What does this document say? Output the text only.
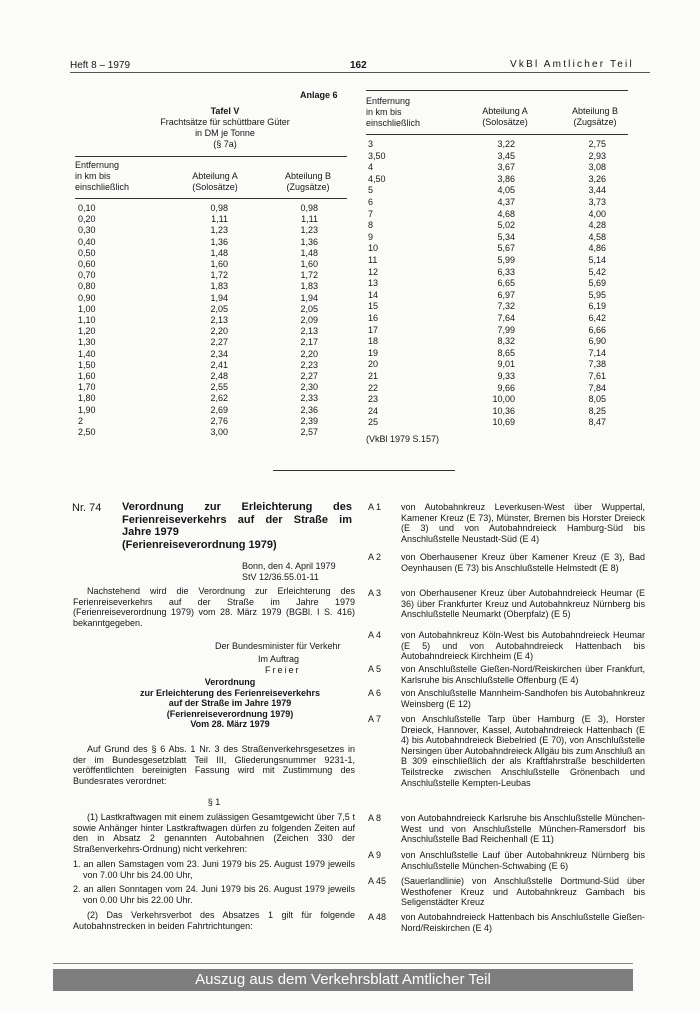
Heft 8 – 1979	162	VkBl Amtlicher Teil
Anlage 6
Tafel V
Frachtsätze für schüttbare Güter
in DM je Tonne
(§ 7a)
Entfernung
in km bis
einschließlich
Abteilung A
(Solosätze)
Abteilung B
(Zugsätze)
0,10	0,98	0,98
0,20	1,11	1,11
0,30	1,23	1,23
0,40	1,36	1,36
0,50	1,48	1,48
0,60	1,60	1,60
0,70	1,72	1,72
0,80	1,83	1,83
0,90	1,94	1,94
1,00	2,05	2,05
1,10	2,13	2,09
1,20	2,20	2,13
1,30	2,27	2,17
1,40	2,34	2,20
1,50	2,41	2,23
1,60	2,48	2,27
1,70	2,55	2,30
1,80	2,62	2,33
1,90	2,69	2,36
2	2,76	2,39
2,50	3,00	2,57
Entfernung
in km bis
einschließlich
Abteilung A
(Solosätze)
Abteilung B
(Zugsätze)
3	3,22	2,75
3,50	3,45	2,93
4	3,67	3,08
4,50	3,86	3,26
5	4,05	3,44
6	4,37	3,73
7	4,68	4,00
8	5,02	4,28
9	5,34	4,58
10	5,67	4,86
11	5,99	5,14
12	6,33	5,42
13	6,65	5,69
14	6,97	5,95
15	7,32	6,19
16	7,64	6,42
17	7,99	6,66
18	8,32	6,90
19	8,65	7,14
20	9,01	7,38
21	9,33	7,61
22	9,66	7,84
23	10,00	8,05
24	10,36	8,25
25	10,69	8,47
(VkBl 1979 S.157)
Nr. 74 Verordnung zur Erleichterung des
Ferienreiseverkehrs auf der Straße im
Jahre 1979
(Ferienreiseverordnung 1979)
Bonn, den 4. April 1979
StV 12/36.55.01-11
Nachstehend wird die Verordnung zur Erleichterung des Ferienreiseverkehrs auf der Straße im Jahre 1979 (Ferienreiseverordnung 1979) vom 28. März 1979 (BGBl. I S. 416) bekanntgegeben.
Der Bundesminister für Verkehr
Im Auftrag
Freier
Verordnung
zur Erleichterung des Ferienreiseverkehrs
auf der Straße im Jahre 1979
(Ferienreiseverordnung 1979)
Vom 28. März 1979
Auf Grund des § 6 Abs. 1 Nr. 3 des Straßenverkehrsgesetzes in der im Bundesgesetzblatt Teil III, Gliederungsnummer 9231-1, veröffentlichten bereinigten Fassung wird mit Zustimmung des Bundesrates verordnet:
§ 1
(1) Lastkraftwagen mit einem zulässigen Gesamtgewicht über 7,5 t sowie Anhänger hinter Lastkraftwagen dürfen zu folgenden Zeiten auf den in Absatz 2 genannten Autobahnen (Zeichen 330 der Straßenverkehrs-Ordnung) nicht verkehren:
1. an allen Samstagen vom 23. Juni 1979 bis 25. August 1979 jeweils von 7.00 Uhr bis 24.00 Uhr,
2. an allen Sonntagen vom 24. Juni 1979 bis 26. August 1979 jeweils von 0.00 Uhr bis 22.00 Uhr.
(2) Das Verkehrsverbot des Absatzes 1 gilt für folgende Autobahnstrecken in beiden Fahrtrichtungen:
A 1 von Autobahnkreuz Leverkusen-West über Wuppertal, Kamener Kreuz (E 73), Münster, Bremen bis Horster Dreieck (E 3) und von Autobahndreieck Hamburg-Süd bis Anschlußstelle Neustadt-Süd (E 4)
A 2 von Oberhausener Kreuz über Kamener Kreuz (E 3), Bad Oeynhausen (E 73) bis Anschlußstelle Helmstedt (E 8)
A 3 von Oberhausener Kreuz über Autobahndreieck Heumar (E 36) über Frankfurter Kreuz und Autobahnkreuz Nürnberg bis Anschlußstelle Neumarkt (Oberpfalz) (E 5)
A 4 von Autobahnkreuz Köln-West bis Autobahndreieck Heumar (E 5) und von Autobahndreieck Hattenbach bis Autobahndreieck Kirchheim (E 4)
A 5 von Anschlußstelle Gießen-Nord/Reiskirchen über Frankfurt, Karlsruhe bis Anschlußstelle Offenburg (E 4)
A 6 von Anschlußstelle Mannheim-Sandhofen bis Autobahnkreuz Weinsberg (E 12)
A 7 von Anschlußstelle Tarp über Hamburg (E 3), Horster Dreieck, Hannover, Kassel, Autobahndreieck Hattenbach (E 4) bis Autobahndreieck Biebelried (E 70), von Anschlußstelle Nersingen über Autobahndreieck Allgäu bis zum Anschluß an B 309 einschließlich der als Kraftfahrstraße beschilderten Teilstrecke zwischen Anschlußstelle Grönenbach und Anschlußstelle Kempten-Leubas
A 8 von Autobahndreieck Karlsruhe bis Anschlußstelle München-West und von Anschlußstelle München-Ramersdorf bis Anschlußstelle Bad Reichenhall (E 11)
A 9 von Anschlußstelle Lauf über Autobahnkreuz Nürnberg bis Anschlußstelle München-Schwabing (E 6)
A 45 (Sauerlandlinie) von Anschlußstelle Dortmund-Süd über Westhofener Kreuz und Autobahnkreuz Gambach bis Seligenstädter Kreuz
A 48 von Autobahndreieck Hattenbach bis Anschlußstelle Gießen-Nord/Reiskirchen (E 4)
Auszug aus dem Verkehrsblatt Amtlicher Teil
